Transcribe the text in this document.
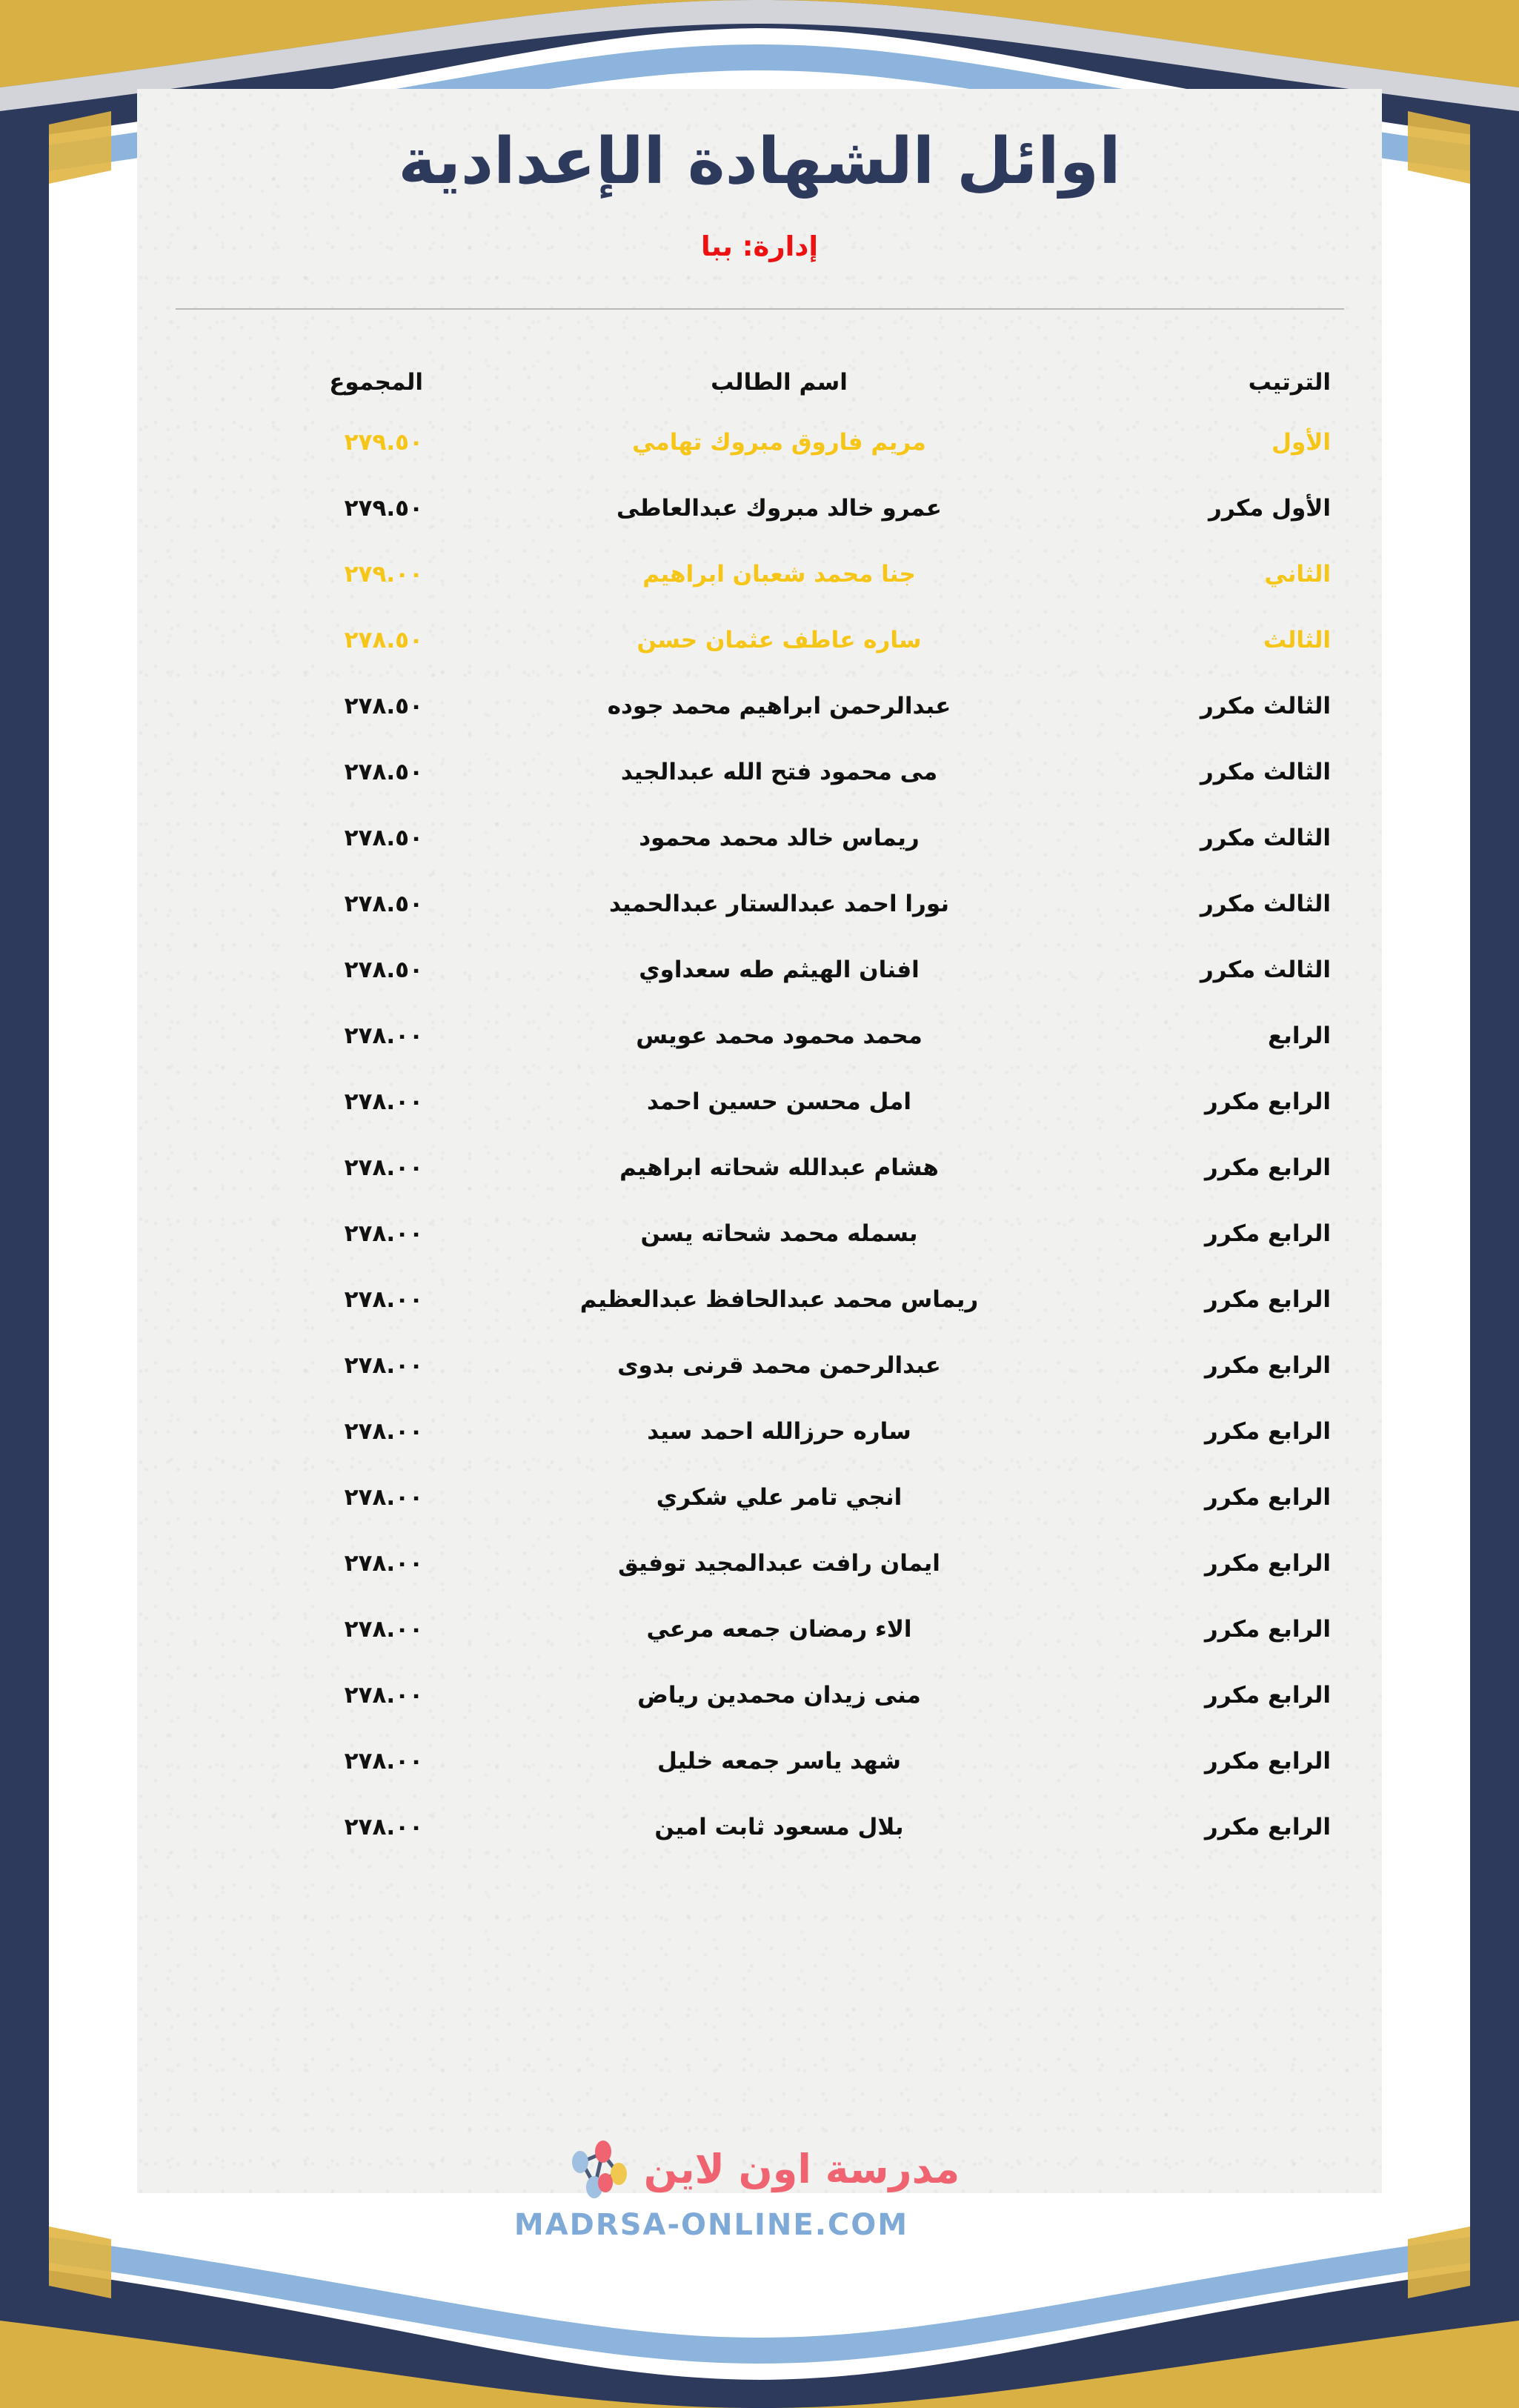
اوائل الشهادة الإعدادية
إدارة: ببا
الترتيب	اسم الطالب	المجموع
الأول	مريم فاروق مبروك تهامي	٢٧٩.٥٠
الأول مكرر	عمرو خالد مبروك عبدالعاطى	٢٧٩.٥٠
الثاني	جنا محمد شعبان ابراهيم	٢٧٩.٠٠
الثالث	ساره عاطف عثمان حسن	٢٧٨.٥٠
الثالث مكرر	عبدالرحمن ابراهيم محمد جوده	٢٧٨.٥٠
الثالث مكرر	مى محمود فتح الله عبدالجيد	٢٧٨.٥٠
الثالث مكرر	ريماس خالد محمد محمود	٢٧٨.٥٠
الثالث مكرر	نورا احمد عبدالستار عبدالحميد	٢٧٨.٥٠
الثالث مكرر	افنان الهيثم طه سعداوي	٢٧٨.٥٠
الرابع	محمد محمود محمد عويس	٢٧٨.٠٠
الرابع مكرر	امل محسن حسين احمد	٢٧٨.٠٠
الرابع مكرر	هشام عبدالله شحاته ابراهيم	٢٧٨.٠٠
الرابع مكرر	بسمله محمد شحاته يسن	٢٧٨.٠٠
الرابع مكرر	ريماس محمد عبدالحافظ عبدالعظيم	٢٧٨.٠٠
الرابع مكرر	عبدالرحمن محمد قرنى بدوى	٢٧٨.٠٠
الرابع مكرر	ساره حرزالله احمد سيد	٢٧٨.٠٠
الرابع مكرر	انجي تامر علي شكري	٢٧٨.٠٠
الرابع مكرر	ايمان رافت عبدالمجيد توفيق	٢٧٨.٠٠
الرابع مكرر	الاء رمضان جمعه مرعي	٢٧٨.٠٠
الرابع مكرر	منى زيدان محمدين رياض	٢٧٨.٠٠
الرابع مكرر	شهد ياسر جمعه خليل	٢٧٨.٠٠
الرابع مكرر	بلال مسعود ثابت امين	٢٧٨.٠٠
مدرسة اون لاين
MADRSA-ONLINE.COM
